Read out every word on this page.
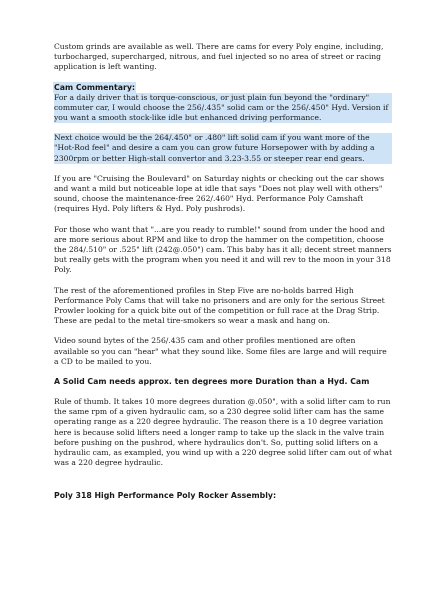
Custom grinds are available as well. There are cams for every Poly engine, including, turbocharged, supercharged, nitrous, and fuel injected so no area of street or racing application is left wanting.

Cam Commentary:

For a daily driver that is torque-conscious, or just plain fun beyond the "ordinary" commuter car, I would choose the 256/.435" solid cam or the 256/.450" Hyd. Version if you want a smooth stock-like idle but enhanced driving performance.

Next choice would be the 264/.450" or .480" lift solid cam if you want more of the "Hot-Rod feel" and desire a cam you can grow future Horsepower with by adding a 2300rpm or better High-stall convertor and 3.23-3.55 or steeper rear end gears.

If you are "Cruising the Boulevard" on Saturday nights or checking out the car shows and want a mild but noticeable lope at idle that says "Does not play well with others" sound, choose the maintenance-free 262/.460" Hyd. Performance Poly Camshaft (requires Hyd. Poly lifters & Hyd. Poly pushrods).

For those who want that "...are you ready to rumble!" sound from under the hood and are more serious about RPM and like to drop the hammer on the competition, choose the 284/.510" or .525" lift (242@.050") cam. This baby has it all; decent street manners but really gets with the program when you need it and will rev to the moon in your 318 Poly.

The rest of the aforementioned profiles in Step Five are no-holds barred High Performance Poly Cams that will take no prisoners and are only for the serious Street Prowler looking for a quick bite out of the competition or full race at the Drag Strip. These are pedal to the metal tire-smokers so wear a mask and hang on.

Video sound bytes of the 256/.435 cam and other profiles mentioned are often available so you can "hear" what they sound like. Some files are large and will require a CD to be mailed to you.

A Solid Cam needs approx. ten degrees more Duration than a Hyd. Cam

Rule of thumb. It takes 10 more degrees duration @.050", with a solid lifter cam to run the same rpm of a given hydraulic cam, so a 230 degree solid lifter cam has the same operating range as a 220 degree hydraulic. The reason there is a 10 degree variation here is because solid lifters need a longer ramp to take up the slack in the valve train before pushing on the pushrod, where hydraulics don't. So, putting solid lifters on a hydraulic cam, as exampled, you wind up with a 220 degree solid lifter cam out of what was a 220 degree hydraulic.

Poly 318 High Performance Poly Rocker Assembly:
